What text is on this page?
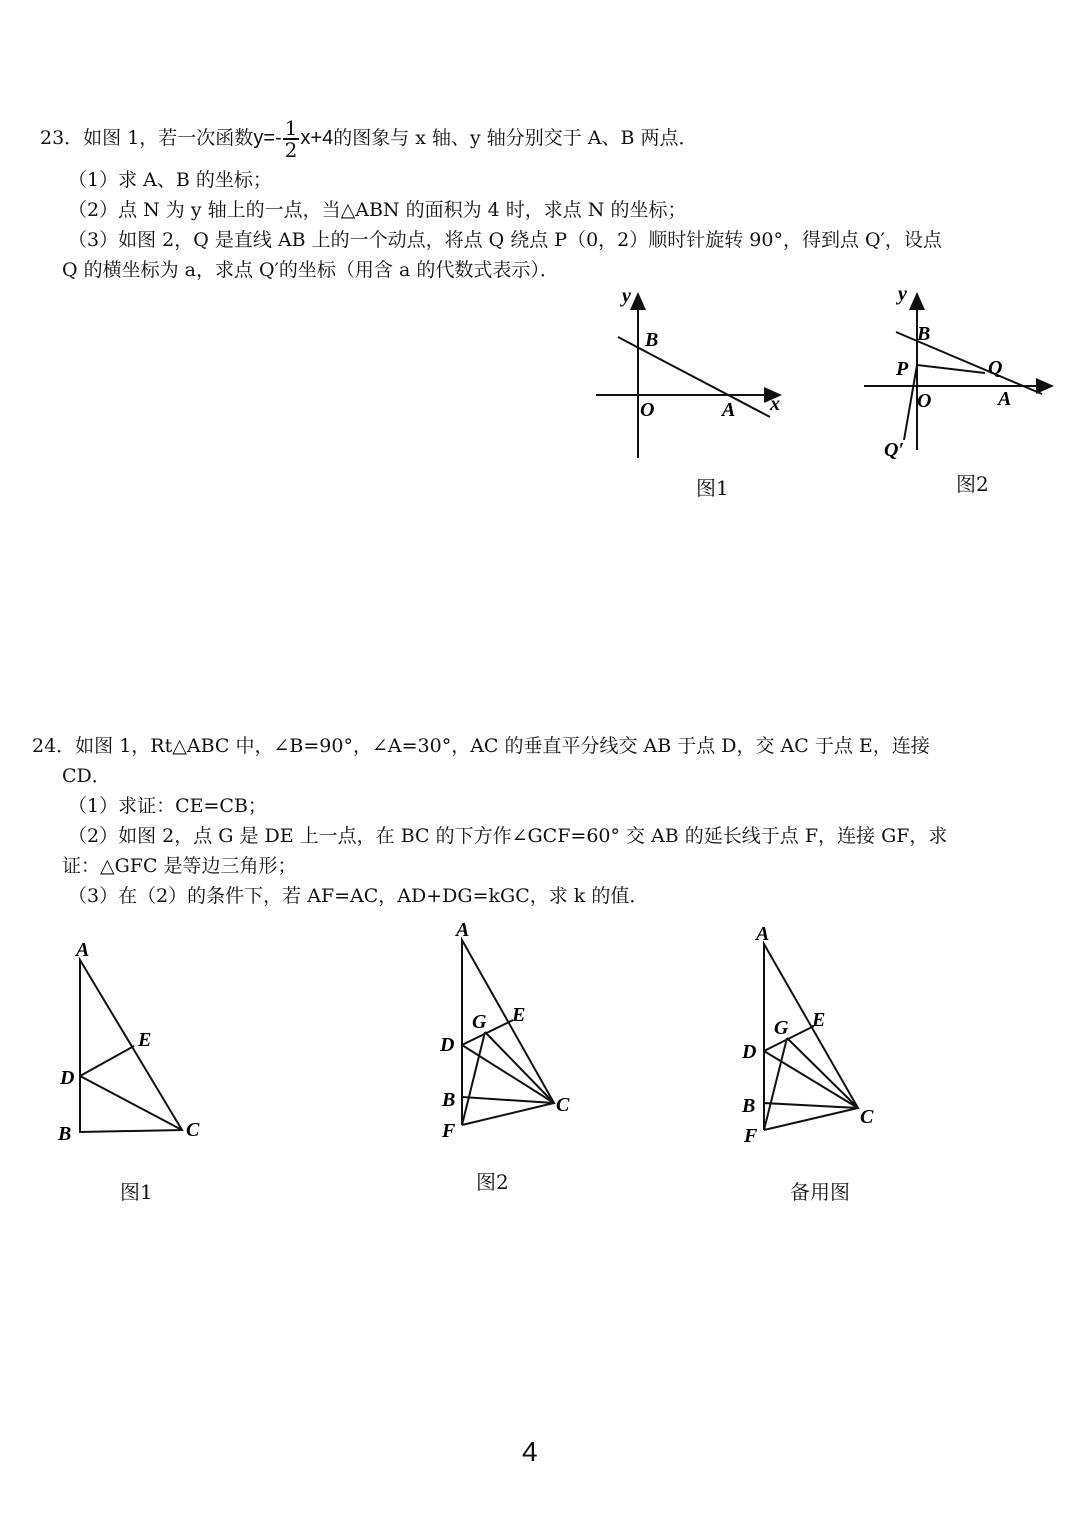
23．如图 1，若一次函数$y=- \frac{1}{2} x+4$的图象与 x 轴、y 轴分别交于 A、B 两点．
（1）求 A、B 的坐标；
（2）点 N 为 y 轴上的一点，当△ABN 的面积为 4 时，求点 N 的坐标；
（3）如图 2，Q 是直线 AB 上的一个动点，将点 Q 绕点 P（0，2）顺时针旋转 90°，得到点 Q′，设点
Q 的横坐标为 a，求点 Q′的坐标（用含 a 的代数式表示）．
y
x
B
O	A
图1
y
B
P	Q
O	A
Q′
图2
24．如图 1，Rt△ABC 中，∠B=90°，∠A=30°，AC 的垂直平分线交 AB 于点 D，交 AC 于点 E，连接
CD．
（1）求证：CE=CB；
（2）如图 2，点 G 是 DE 上一点，在 BC 的下方作∠GCF=60° 交 AB 的延长线于点 F，连接 GF，求
证：△GFC 是等边三角形；
（3）在（2）的条件下，若 AF=AC，AD+DG=kGC，求 k 的值．
A
E
D
B	C
图1
A
G E
D
B	C
F
图2
A
G E
D
B	C
F
备用图
4
